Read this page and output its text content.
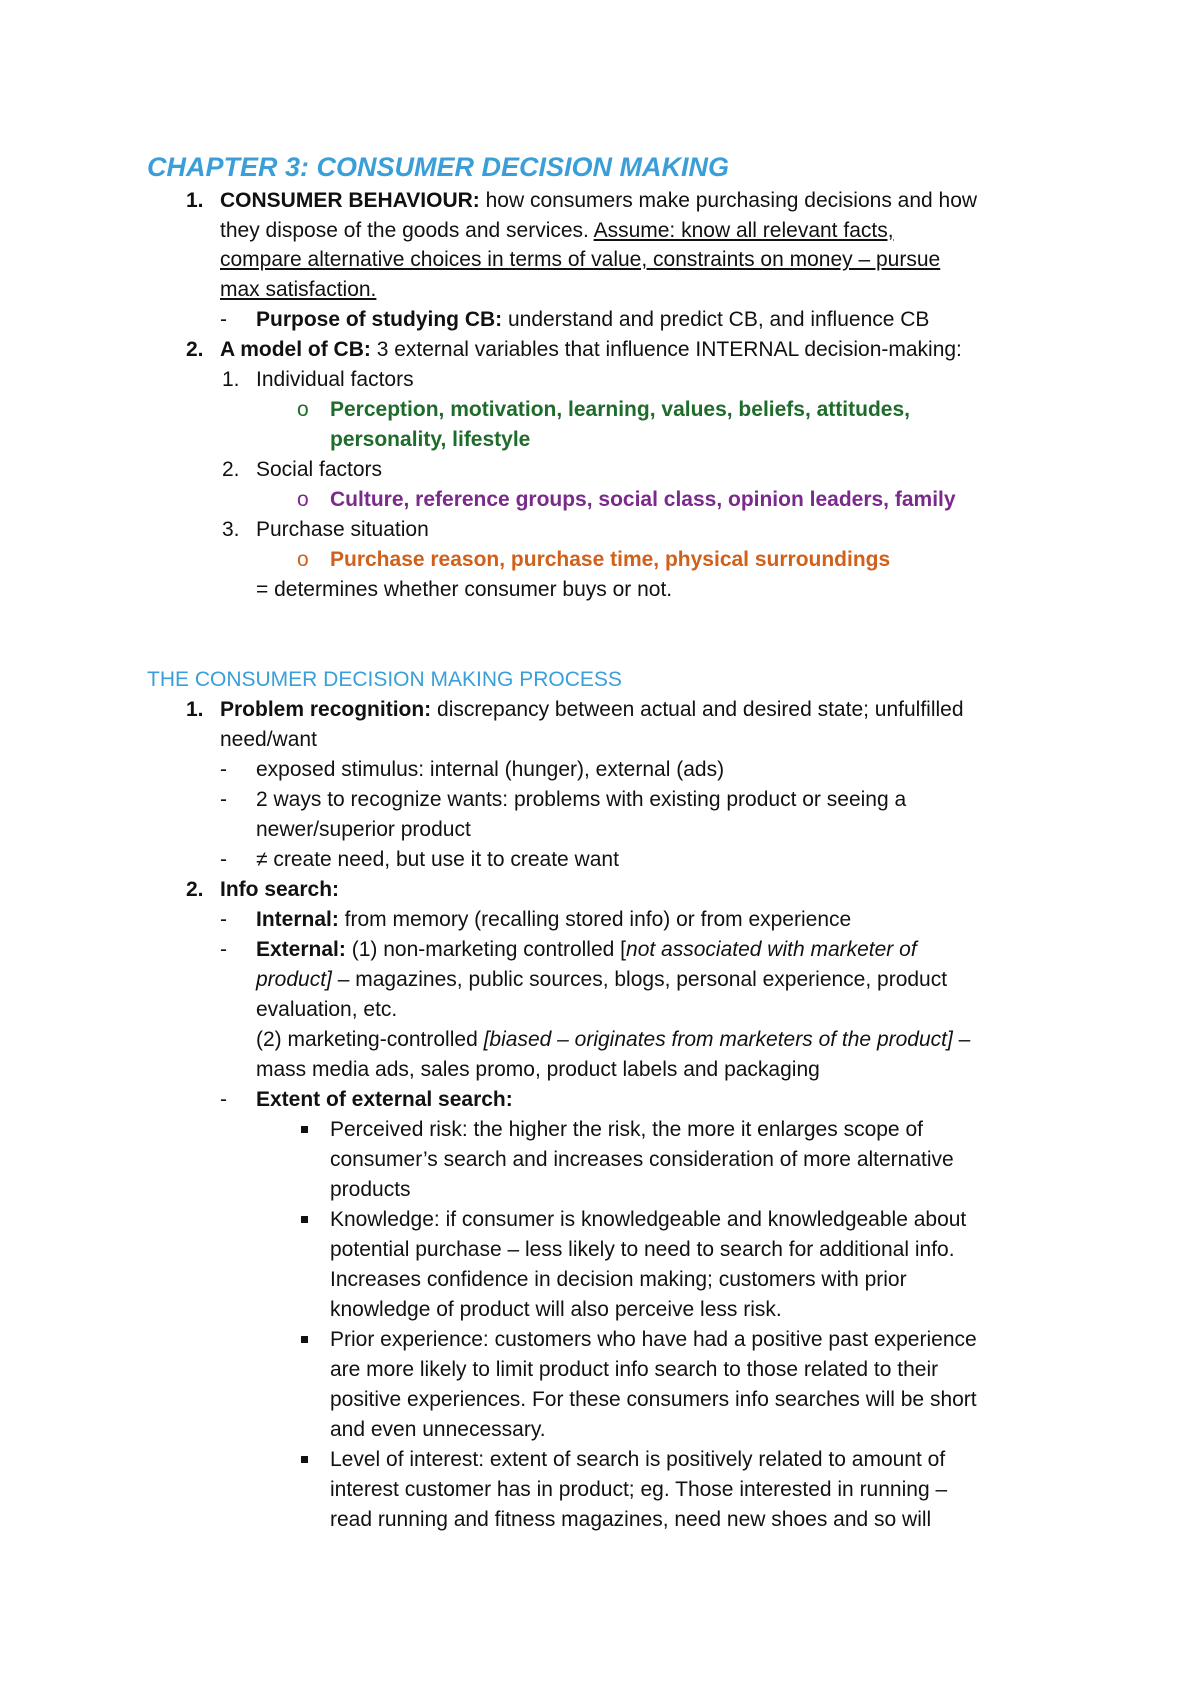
CHAPTER 3: CONSUMER DECISION MAKING
1. CONSUMER BEHAVIOUR: how consumers make purchasing decisions and how
they dispose of the goods and services. Assume: know all relevant facts,
compare alternative choices in terms of value, constraints on money – pursue
max satisfaction.
- Purpose of studying CB: understand and predict CB, and influence CB
2. A model of CB: 3 external variables that influence INTERNAL decision-making:
1. Individual factors
o Perception, motivation, learning, values, beliefs, attitudes,
personality, lifestyle
2. Social factors
o Culture, reference groups, social class, opinion leaders, family
3. Purchase situation
o Purchase reason, purchase time, physical surroundings
= determines whether consumer buys or not.
THE CONSUMER DECISION MAKING PROCESS
1. Problem recognition: discrepancy between actual and desired state; unfulfilled
need/want
- exposed stimulus: internal (hunger), external (ads)
- 2 ways to recognize wants: problems with existing product or seeing a
newer/superior product
- ≠ create need, but use it to create want
2. Info search:
- Internal: from memory (recalling stored info) or from experience
- External: (1) non-marketing controlled [not associated with marketer of
product] – magazines, public sources, blogs, personal experience, product
evaluation, etc.
(2) marketing-controlled [biased – originates from marketers of the product] –
mass media ads, sales promo, product labels and packaging
- Extent of external search:
Perceived risk: the higher the risk, the more it enlarges scope of
consumer’s search and increases consideration of more alternative
products
Knowledge: if consumer is knowledgeable and knowledgeable about
potential purchase – less likely to need to search for additional info.
Increases confidence in decision making; customers with prior
knowledge of product will also perceive less risk.
Prior experience: customers who have had a positive past experience
are more likely to limit product info search to those related to their
positive experiences. For these consumers info searches will be short
and even unnecessary.
Level of interest: extent of search is positively related to amount of
interest customer has in product; eg. Those interested in running –
read running and fitness magazines, need new shoes and so will
